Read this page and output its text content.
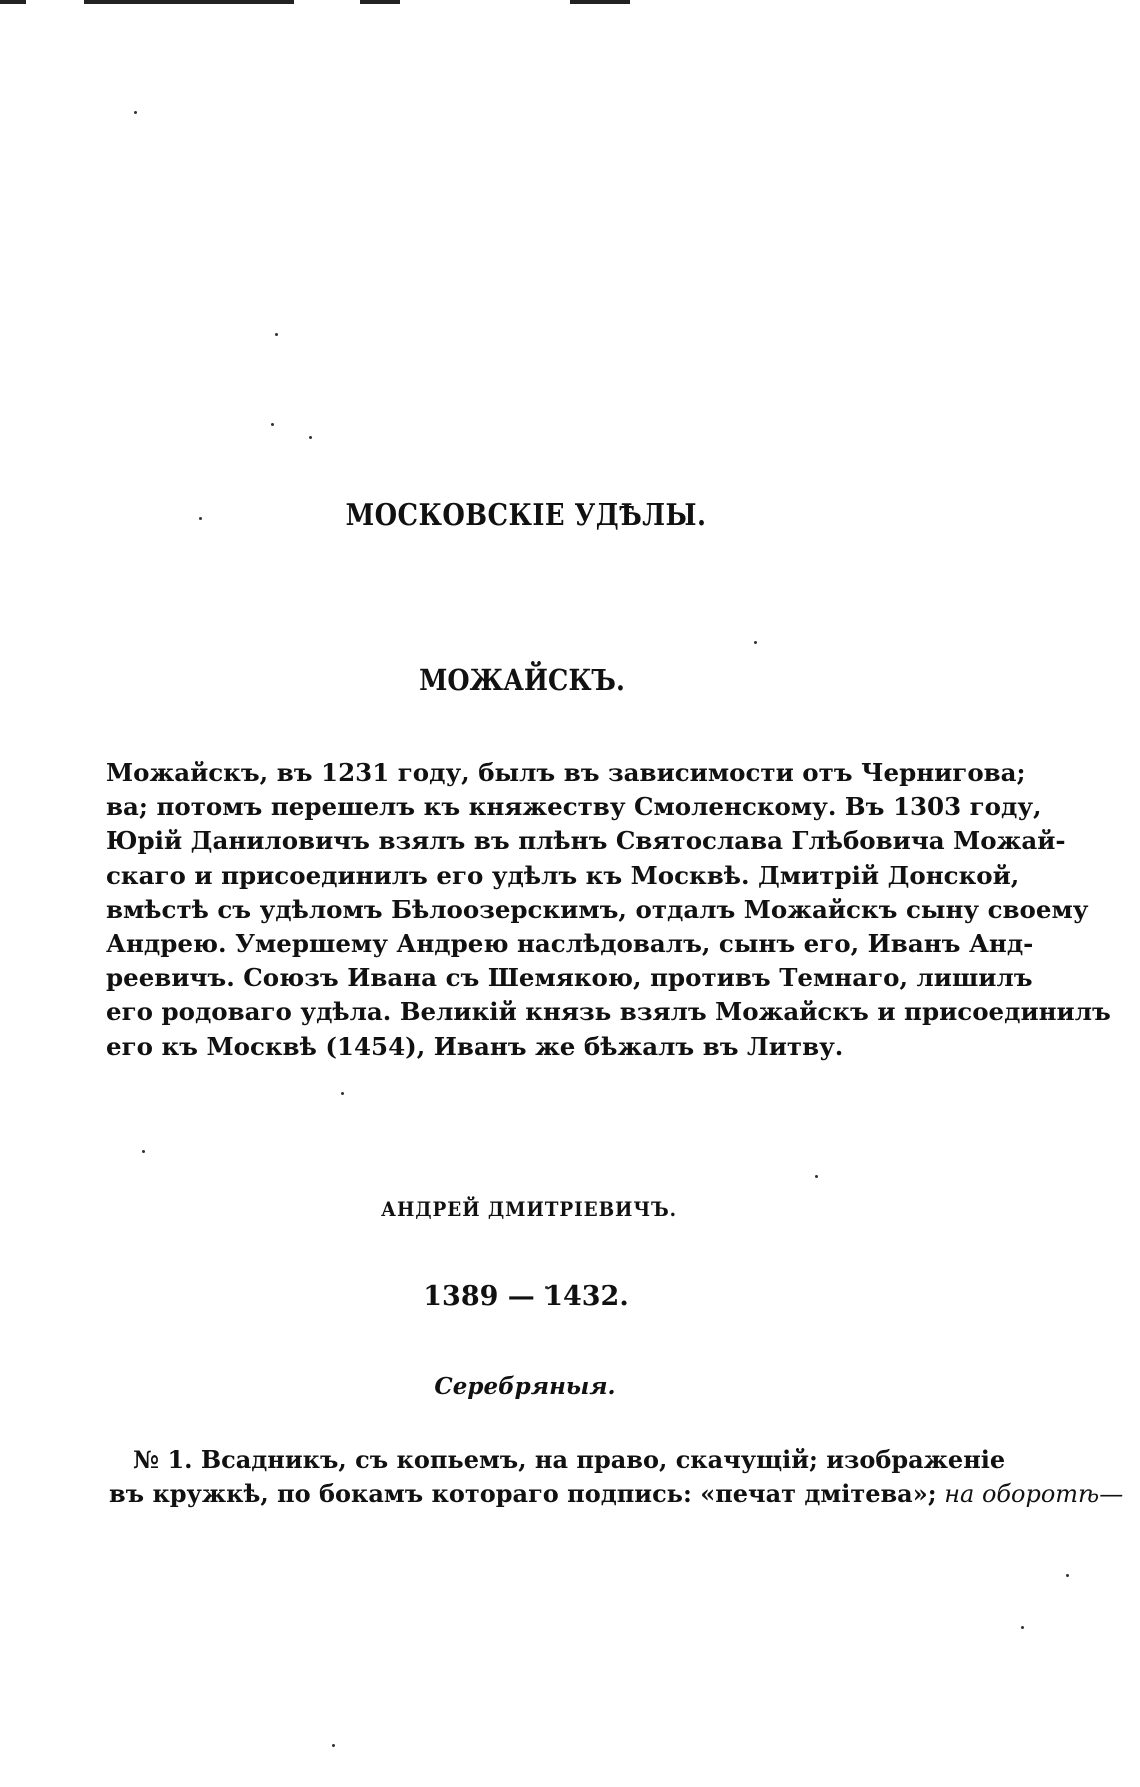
МОСКОВСКІЕ УДѢЛЫ.
МОЖАЙСКЪ.
Можайскъ, въ 1231 году, былъ въ зависимости отъ Чернигова;
ва; потомъ перешелъ къ княжеству Смоленскому. Въ 1303 году,
Юрій Даниловичъ взялъ въ плѣнъ Святослава Глѣбовича Можай-
скаго и присоединилъ его удѣлъ къ Москвѣ. Дмитрій Донской,
вмѣстѣ съ удѣломъ Бѣлоозерскимъ, отдалъ Можайскъ сыну своему
Андрею. Умершему Андрею наслѣдовалъ, сынъ его, Иванъ Анд-
реевичъ. Союзъ Ивана съ Шемякою, противъ Темнаго, лишилъ
его родоваго удѣла. Великій князь взялъ Можайскъ и присоединилъ
его къ Москвѣ (1454), Иванъ же бѣжалъ въ Литву.
АНДРЕЙ ДМИТРІЕВИЧЪ.
1389 — 1432.
Серебряныя.
№ 1. Всадникъ, съ копьемъ, на право, скачущій; изображеніе
въ кружкѣ, по бокамъ котораго подпись: «печат дмітева»; на оборотѣ—
